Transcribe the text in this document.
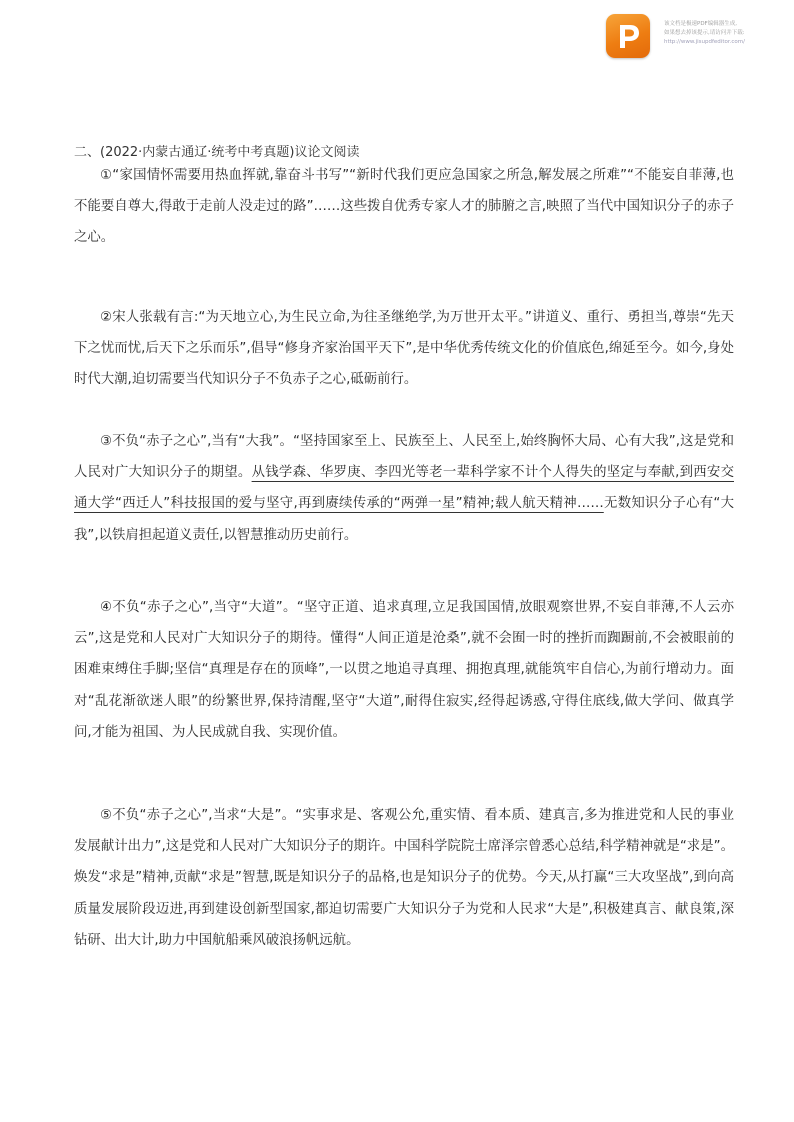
该文档是极速PDF编辑器生成,
如果想去掉该提示,请访问并下载:
http://www.jisupdfeditor.com/
二、(2022·内蒙古通辽·统考中考真题)议论文阅读
①“家国情怀需要用热血挥就,靠奋斗书写”“新时代我们更应急国家之所急,解发展之所难”“不能妄自菲薄,也不能要自尊大,得敢于走前人没走过的路”……这些拨自优秀专家人才的肺腑之言,映照了当代中国知识分子的赤子之心。
②宋人张载有言:“为天地立心,为生民立命,为往圣继绝学,为万世开太平。”讲道义、重行、勇担当,尊崇“先天下之忧而忧,后天下之乐而乐”,倡导“修身齐家治国平天下”,是中华优秀传统文化的价值底色,绵延至今。如今,身处时代大潮,迫切需要当代知识分子不负赤子之心,砥砺前行。
③不负“赤子之心”,当有“大我”。“坚持国家至上、民族至上、人民至上,始终胸怀大局、心有大我”,这是党和人民对广大知识分子的期望。从钱学森、华罗庚、李四光等老一辈科学家不计个人得失的坚定与奉献,到西安交通大学“西迁人”科技报国的爱与坚守,再到赓续传承的“两弹一星”精神;载人航天精神……无数知识分子心有“大我”,以铁肩担起道义责任,以智慧推动历史前行。
④不负“赤子之心”,当守“大道”。“坚守正道、追求真理,立足我国国情,放眼观察世界,不妄自菲薄,不人云亦云”,这是党和人民对广大知识分子的期待。懂得“人间正道是沧桑”,就不会囿一时的挫折而踟蹰前,不会被眼前的困难束缚住手脚;坚信“真理是存在的顶峰”,一以贯之地追寻真理、拥抱真理,就能筑牢自信心,为前行增动力。面对“乱花渐欲迷人眼”的纷繁世界,保持清醒,坚守“大道”,耐得住寂实,经得起诱惑,守得住底线,做大学问、做真学问,才能为祖国、为人民成就自我、实现价值。
⑤不负“赤子之心”,当求“大是”。“实事求是、客观公允,重实情、看本质、建真言,多为推进党和人民的事业发展献计出力”,这是党和人民对广大知识分子的期许。中国科学院院士席泽宗曾悉心总结,科学精神就是“求是”。焕发“求是”精神,贡献“求是”智慧,既是知识分子的品格,也是知识分子的优势。今天,从打赢“三大攻坚战”,到向高质量发展阶段迈进,再到建设创新型国家,都迫切需要广大知识分子为党和人民求“大是”,积极建真言、献良策,深钻研、出大计,助力中国航船乘风破浪扬帆远航。
